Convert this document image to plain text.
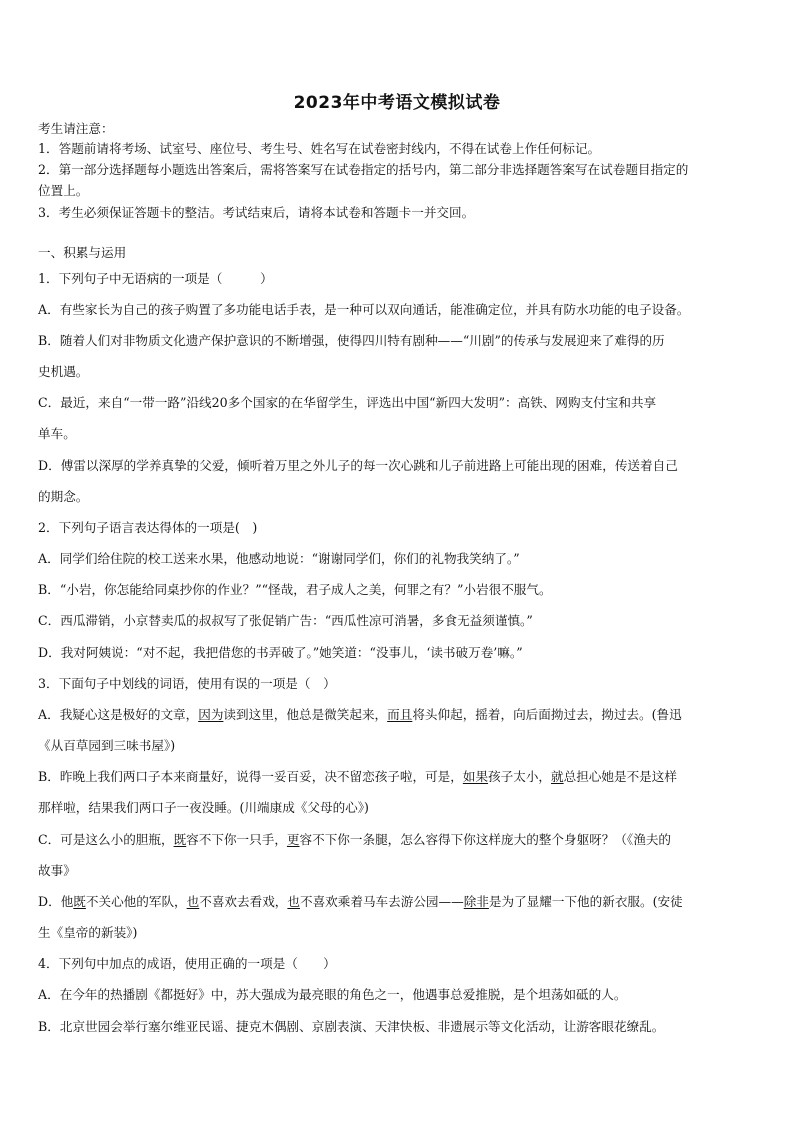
2023年中考语文模拟试卷
考生请注意：
1．答题前请将考场、试室号、座位号、考生号、姓名写在试卷密封线内，不得在试卷上作任何标记。
2．第一部分选择题每小题选出答案后，需将答案写在试卷指定的括号内，第二部分非选择题答案写在试卷题目指定的
位置上。
3．考生必须保证答题卡的整洁。考试结束后，请将本试卷和答题卡一并交回。
一、积累与运用
1．下列句子中无语病的一项是（　　　）
A．有些家长为自己的孩子购置了多功能电话手表，是一种可以双向通话，能准确定位，并具有防水功能的电子设备。
B．随着人们对非物质文化遗产保护意识的不断增强，使得四川特有剧种——“川剧”的传承与发展迎来了难得的历
史机遇。
C．最近，来自“一带一路”沿线20多个国家的在华留学生，评选出中国“新四大发明”：高铁、网购支付宝和共享
单车。
D．傅雷以深厚的学养真挚的父爱，倾听着万里之外儿子的每一次心跳和儿子前进路上可能出现的困难，传送着自己
的期念。
2．下列句子语言表达得体的一项是(　)
A．同学们给住院的校工送来水果，他感动地说：“谢谢同学们，你们的礼物我笑纳了。”
B．“小岩，你怎能给同桌抄你的作业？”“怪哉，君子成人之美，何罪之有？”小岩很不服气。
C．西瓜滞销，小京替卖瓜的叔叔写了张促销广告：“西瓜性凉可消暑，多食无益须谨慎。”
D．我对阿姨说：“对不起，我把借您的书弄破了。”她笑道：“没事儿，‘读书破万卷’嘛。”
3．下面句子中划线的词语，使用有误的一项是（　）
A．我疑心这是极好的文章，因为读到这里，他总是微笑起来，而且将头仰起，摇着，向后面拗过去，拗过去。(鲁迅
《从百草园到三味书屋》)
B．昨晚上我们两口子本来商量好，说得一妥百妥，决不留恋孩子啦，可是，如果孩子太小，就总担心她是不是这样
那样啦，结果我们两口子一夜没睡。(川端康成《父母的心》)
C．可是这么小的胆瓶，既容不下你一只手，更容不下你一条腿，怎么容得下你这样庞大的整个身躯呀？（《渔夫的
故事》
D．他既不关心他的军队，也不喜欢去看戏，也不喜欢乘着马车去游公园——除非是为了显耀一下他的新衣服。(安徒
生《皇帝的新装》)
4．下列句中加点的成语，使用正确的一项是（　　）
A．在今年的热播剧《都挺好》中，苏大强成为最亮眼的角色之一，他遇事总爱推脱，是个坦荡如砥的人。
B．北京世园会举行塞尔维亚民谣、捷克木偶剧、京剧表演、天津快板、非遗展示等文化活动，让游客眼花缭乱。
